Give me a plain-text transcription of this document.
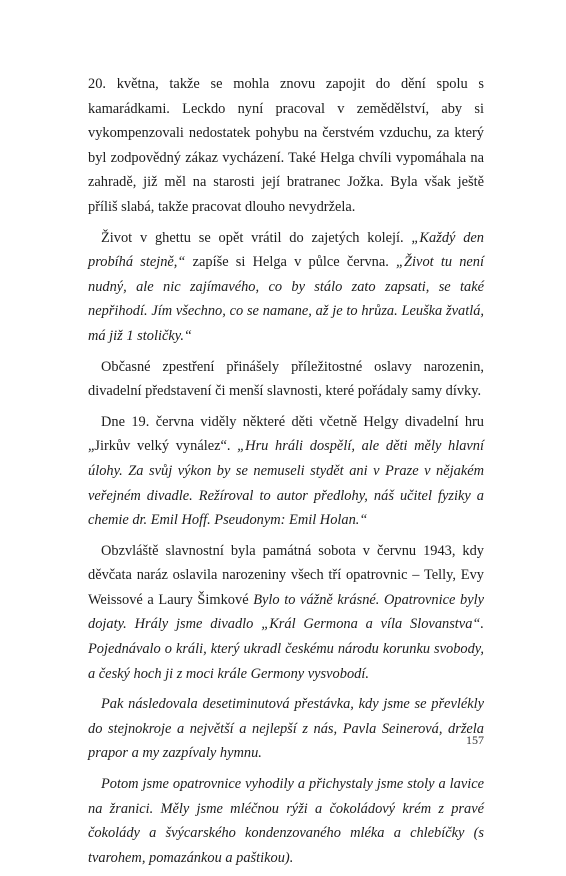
20. května, takže se mohla znovu zapojit do dění spolu s kamarádkami. Leckdo nyní pracoval v zemědělství, aby si vykompenzovali nedostatek pohybu na čerstvém vzduchu, za který byl zodpovědný zákaz vycházení. Také Helga chvíli vypomáhala na zahradě, již měl na starosti její bratranec Jožka. Byla však ještě příliš slabá, takže pracovat dlouho nevydržela.

Život v ghettu se opět vrátil do zajetých kolejí. „Každý den probíhá stejně,“ zapíše si Helga v půlce června. „Život tu není nudný, ale nic zajímavého, co by stálo zato zapsati, se také nepřihodí. Jím všechno, co se namane, až je to hrůza. Leuška žvatlá, má již 1 stoličky.“

Občasné zpestření přinášely příležitostné oslavy narozenin, divadelní představení či menší slavnosti, které pořádaly samy dívky.

Dne 19. června viděly některé děti včetně Helgy divadelní hru „Jirkův velký vynález“. „Hru hráli dospělí, ale děti měly hlavní úlohy. Za svůj výkon by se nemuseli stydět ani v Praze v nějakém veřejném divadle. Režíroval to autor předlohy, náš učitel fyziky a chemie dr. Emil Hoff. Pseudonym: Emil Holan.“

Obzvláště slavnostní byla památná sobota v červnu 1943, kdy děvčata naráz oslavila narozeniny všech tří opatrovnic – Telly, Evy Weissové a Laury Šimkové Bylo to vážně krásné. Opatrovnice byly dojaty. Hrály jsme divadlo „Král Germona a víla Slovanstva“. Pojednávalo o králi, který ukradl českému národu korunku svobody, a český hoch ji z moci krále Germony vysvobodí.

Pak následovala desetiminutová přestávka, kdy jsme se převlékly do stejnokroje a největší a nejlepší z nás, Pavla Seinerová, držela prapor a my zazpívaly hymnu.

Potom jsme opatrovnice vyhodily a přichystaly jsme stoly a lavice na žranici. Měly jsme mléčnou rýži a čokoládový krém z pravé čokolády a švýcarského kondenzovaného mléka a chlebíčky (s tvarohem, pomazánkou a paštikou).

157
